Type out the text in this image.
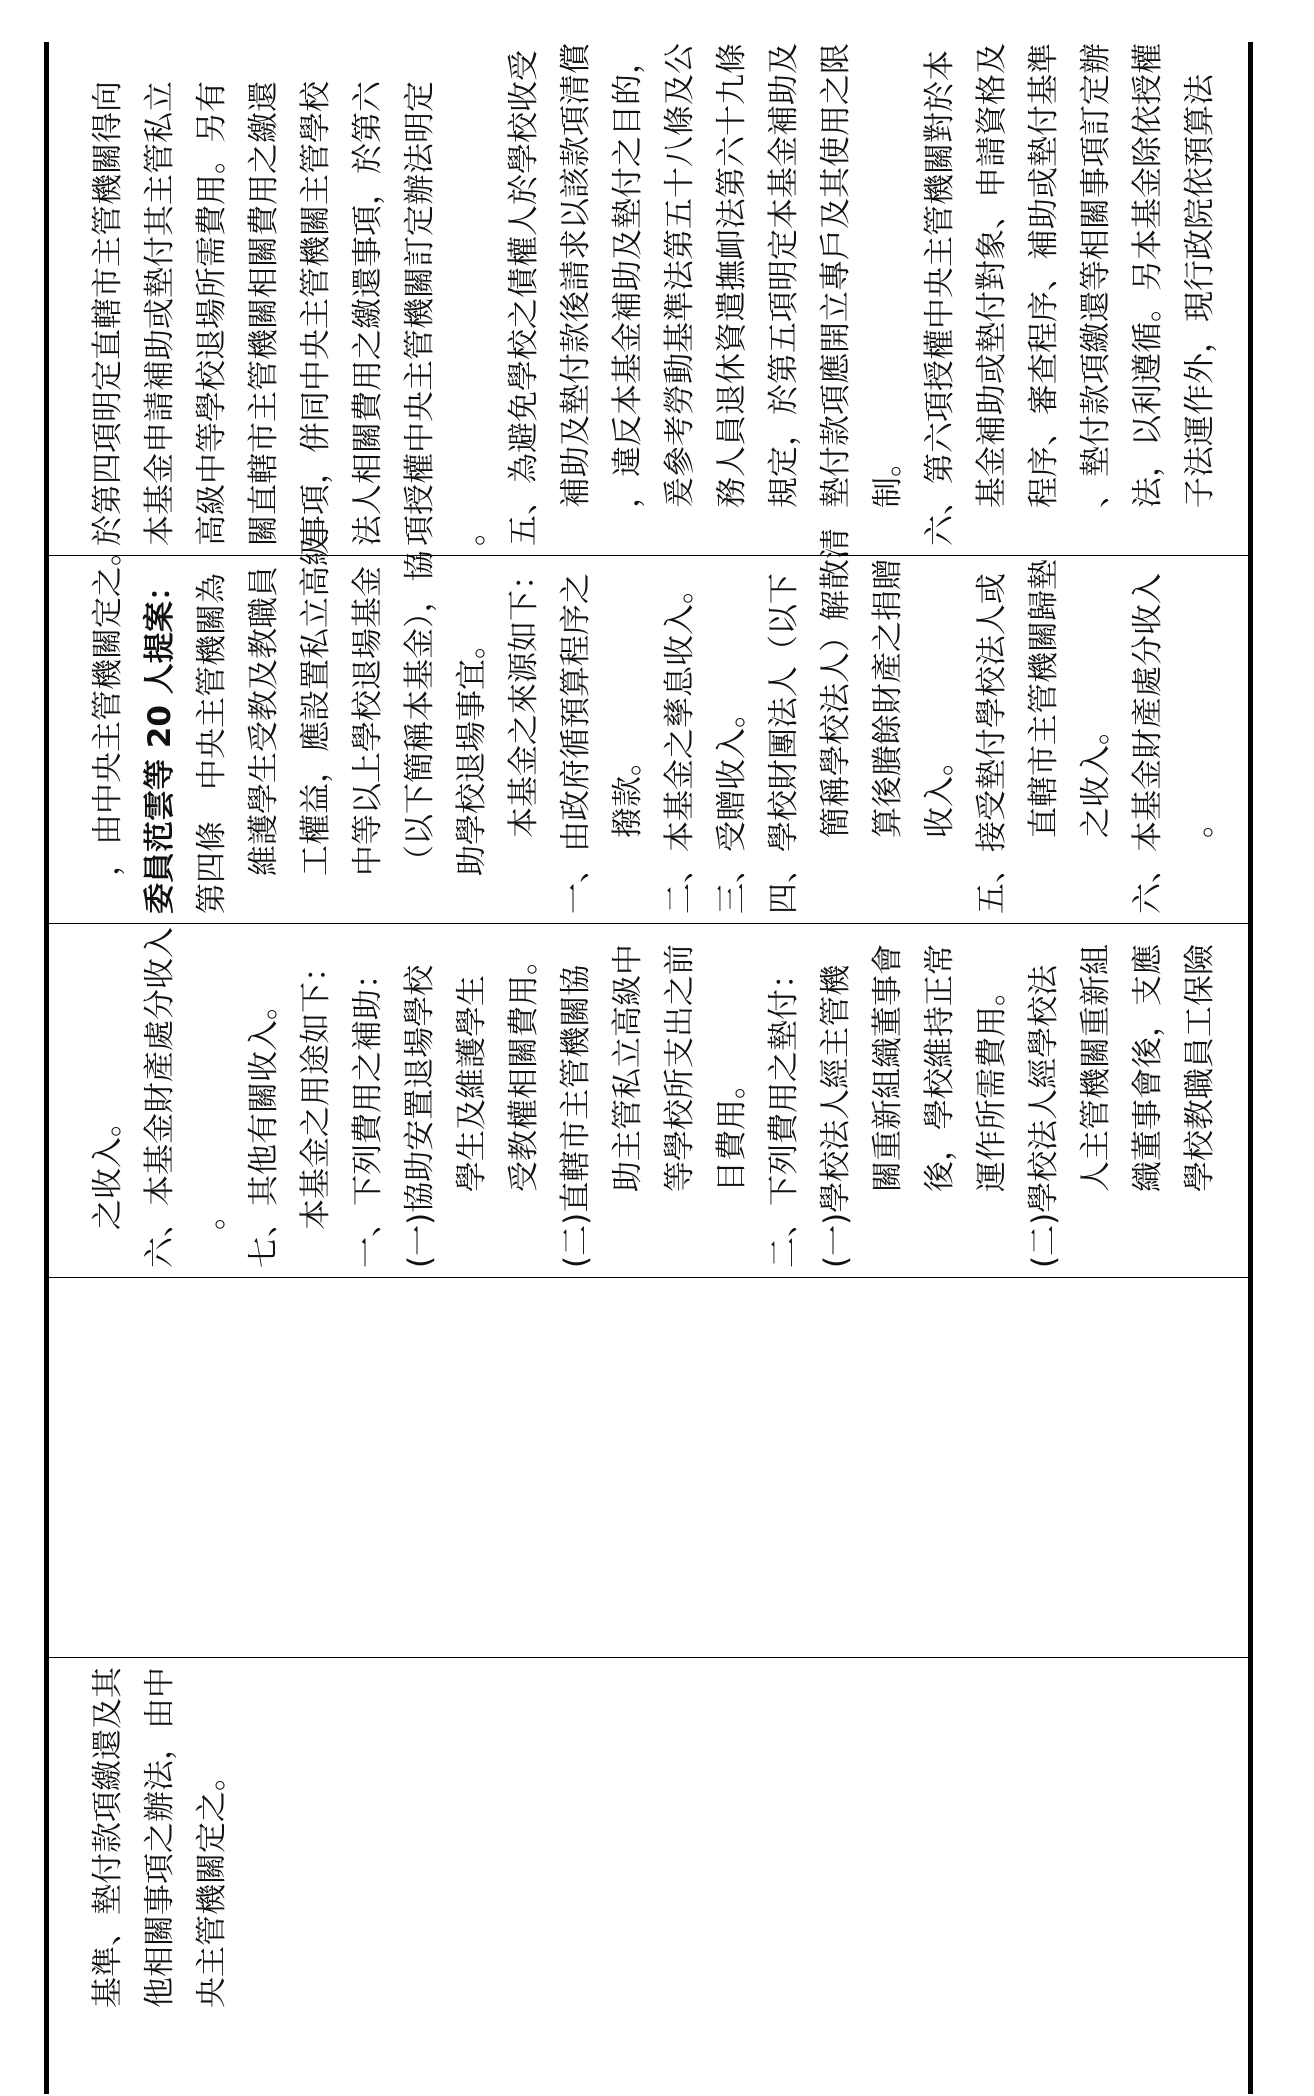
基準、墊付款項繳還及其 他相關事項之辦法，由中 央主管機關定之。
之收入。 六、本基金財產處分收入 。 七、其他有關收入。 本基金之用途如下： 一、下列費用之補助： (一)協助安置退場學校 學生及維護學生 受教權相關費用。 (二)直轄市主管機關協 助主管私立高級中 等學校所支出之前 目費用。 二、下列費用之墊付： (一)學校法人經主管機 關重新組織董事會 後，學校維持正常 運作所需費用。 (二)學校法人經學校法 人主管機關重新組 織董事會後，支應 學校教職員工保險
，由中央主管機關定之。 委員范雲等 20 人提案： 第四條　中央主管機關為 維護學生受教及教職員 工權益，應設置私立高級 中等以上學校退場基金 （以下簡稱本基金），協 助學校退場事宜。 本基金之來源如下： 一、由政府循預算程序之 撥款。 二、本基金之孳息收入。 三、受贈收入。 四、學校財團法人（以下 簡稱學校法人）解散清 算後賸餘財產之捐贈 收入。 五、接受墊付學校法人或 直轄市主管機關歸墊 之收入。 六、本基金財產處分收入 。
於第四項明定直轄市主管機關得向 本基金申請補助或墊付其主管私立 高級中等學校退場所需費用。另有 關直轄市主管機關相關費用之繳還 事項，併同中央主管機關主管學校 法人相關費用之繳還事項，於第六 項授權中央主管機關訂定辦法明定 。 五、為避免學校之債權人於學校收受 補助及墊付款後請求以該款項清償 ，違反本基金補助及墊付之目的， 爰參考勞動基準法第五十八條及公 務人員退休資遣撫卹法第六十九條 規定，於第五項明定本基金補助及 墊付款項應開立專戶及其使用之限 制。 六、第六項授權中央主管機關對於本 基金補助或墊付對象、申請資格及 程序、審查程序、補助或墊付基準 、墊付款項繳還等相關事項訂定辦 法，以利遵循。另本基金除依授權 子法運作外，現行政院依預算法
